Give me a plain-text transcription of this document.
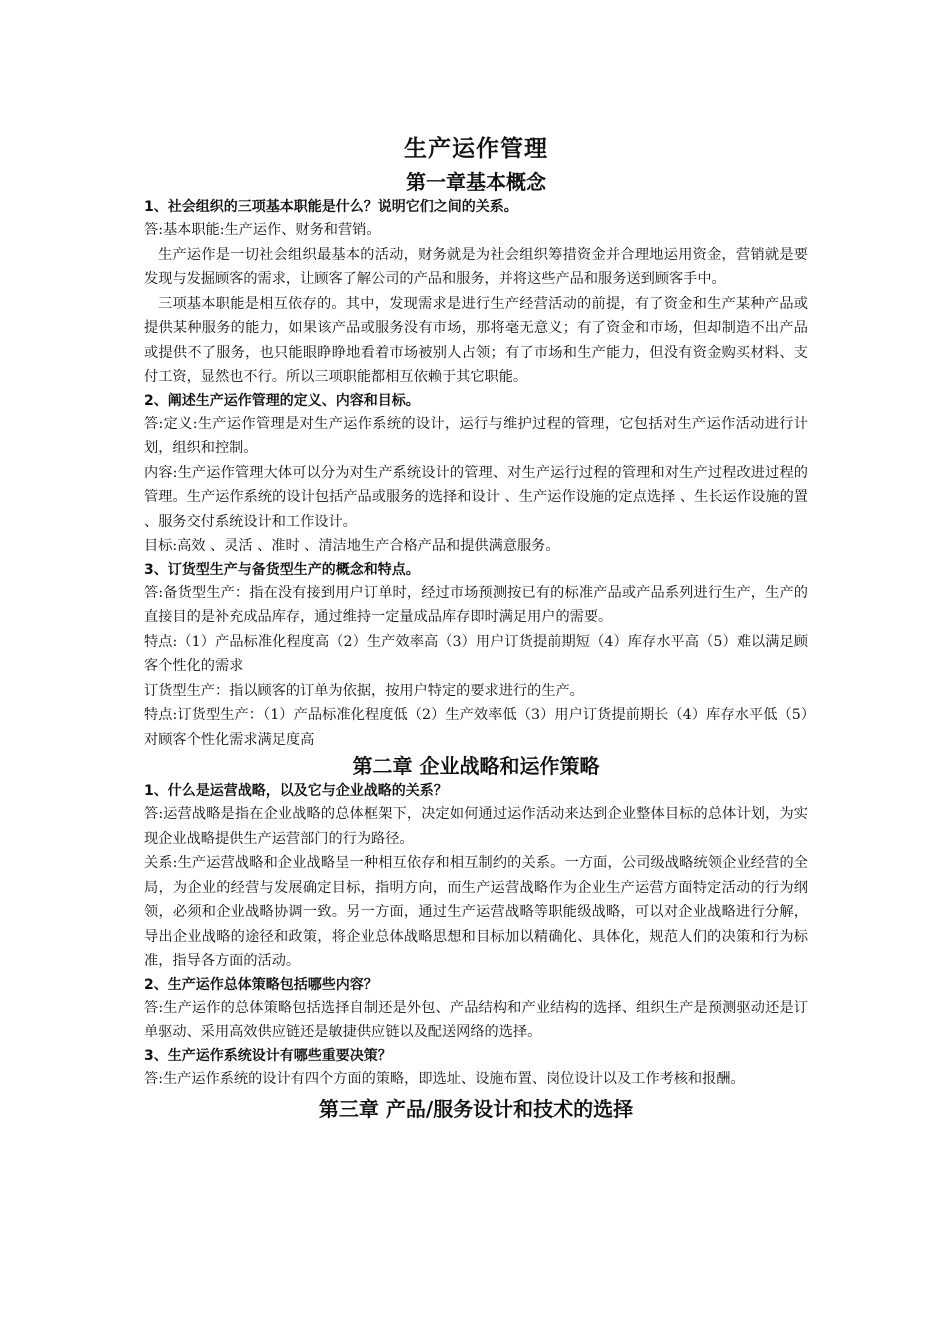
生产运作管理
第一章基本概念

1、社会组织的三项基本职能是什么？说明它们之间的关系。

答:基本职能:生产运作、财务和营销。

生产运作是一切社会组织最基本的活动，财务就是为社会组织筹措资金并合理地运用资金，营销就是要发现与发掘顾客的需求，让顾客了解公司的产品和服务，并将这些产品和服务送到顾客手中。

三项基本职能是相互依存的。其中，发现需求是进行生产经营活动的前提，有了资金和生产某种产品或提供某种服务的能力，如果该产品或服务没有市场，那将毫无意义；有了资金和市场，但却制造不出产品或提供不了服务，也只能眼睁睁地看着市场被别人占领；有了市场和生产能力，但没有资金购买材料、支付工资，显然也不行。所以三项职能都相互依赖于其它职能。

2、阐述生产运作管理的定义、内容和目标。

答:定义:生产运作管理是对生产运作系统的设计，运行与维护过程的管理，它包括对生产运作活动进行计划，组织和控制。

内容:生产运作管理大体可以分为对生产系统设计的管理、对生产运行过程的管理和对生产过程改进过程的管理。生产运作系统的设计包括产品或服务的选择和设计 、生产运作设施的定点选择 、生长运作设施的置 、服务交付系统设计和工作设计。

目标:高效 、灵活 、准时 、清洁地生产合格产品和提供满意服务。

3、订货型生产与备货型生产的概念和特点。

答:备货型生产：指在没有接到用户订单时，经过市场预测按已有的标准产品或产品系列进行生产，生产的直接目的是补充成品库存，通过维持一定量成品库存即时满足用户的需要。

特点:（1）产品标准化程度高（2）生产效率高（3）用户订货提前期短（4）库存水平高（5）难以满足顾客个性化的需求

订货型生产：指以顾客的订单为依据，按用户特定的要求进行的生产。

特点:订货型生产：（1）产品标准化程度低（2）生产效率低（3）用户订货提前期长（4）库存水平低（5）对顾客个性化需求满足度高

第二章 企业战略和运作策略

1、什么是运营战略，以及它与企业战略的关系？

答:运营战略是指在企业战略的总体框架下，决定如何通过运作活动来达到企业整体目标的总体计划，为实现企业战略提供生产运营部门的行为路径。

关系:生产运营战略和企业战略呈一种相互依存和相互制约的关系。一方面，公司级战略统领企业经营的全局，为企业的经营与发展确定目标，指明方向，而生产运营战略作为企业生产运营方面特定活动的行为纲领，必须和企业战略协调一致。另一方面，通过生产运营战略等职能级战略，可以对企业战略进行分解，导出企业战略的途径和政策，将企业总体战略思想和目标加以精确化、具体化，规范人们的决策和行为标准，指导各方面的活动。

2、生产运作总体策略包括哪些内容？

答:生产运作的总体策略包括选择自制还是外包、产品结构和产业结构的选择、组织生产是预测驱动还是订单驱动、采用高效供应链还是敏捷供应链以及配送网络的选择。

3、生产运作系统设计有哪些重要决策？

答:生产运作系统的设计有四个方面的策略，即选址、设施布置、岗位设计以及工作考核和报酬。

第三章 产品/服务设计和技术的选择
